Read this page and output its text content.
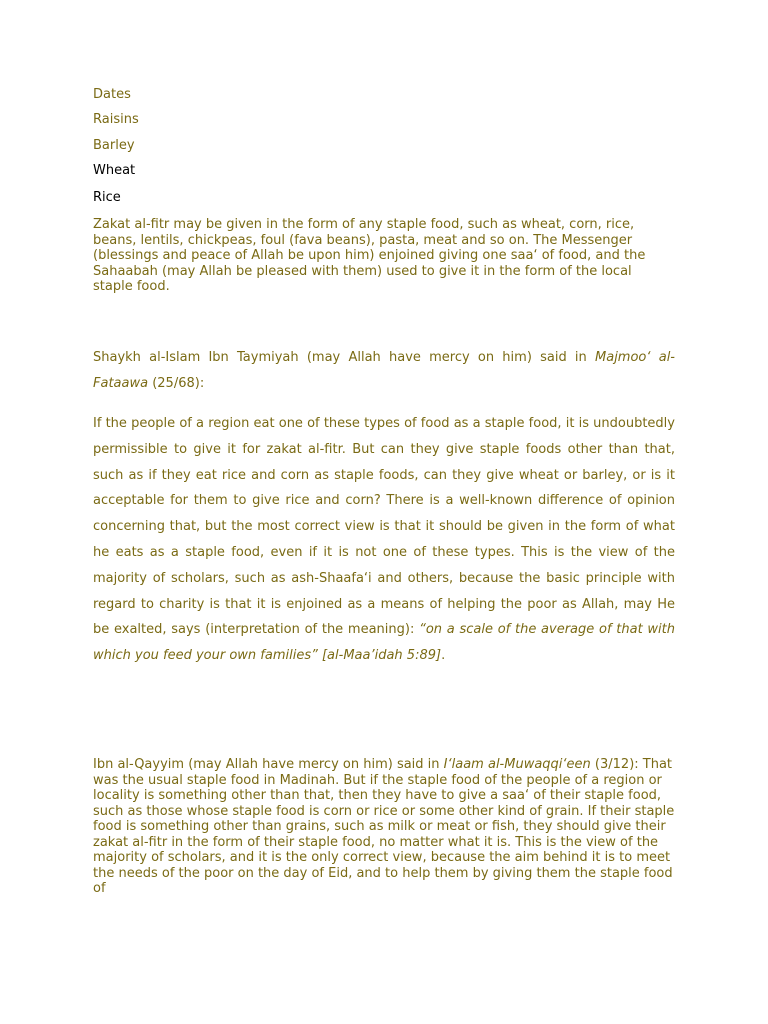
Dates
Raisins
Barley
Wheat
Rice

Zakat al-fitr may be given in the form of any staple food, such as wheat, corn, rice, beans, lentils, chickpeas, foul (fava beans), pasta, meat and so on. The Messenger (blessings and peace of Allah be upon him) enjoined giving one saa‘ of food, and the Sahaabah (may Allah be pleased with them) used to give it in the form of the local staple food.

Shaykh al-Islam Ibn Taymiyah (may Allah have mercy on him) said in Majmoo‘ al-Fataawa (25/68):

If the people of a region eat one of these types of food as a staple food, it is undoubtedly permissible to give it for zakat al-fitr. But can they give staple foods other than that, such as if they eat rice and corn as staple foods, can they give wheat or barley, or is it acceptable for them to give rice and corn? There is a well-known difference of opinion concerning that, but the most correct view is that it should be given in the form of what he eats as a staple food, even if it is not one of these types. This is the view of the majority of scholars, such as ash-Shaafa‘i and others, because the basic principle with regard to charity is that it is enjoined as a means of helping the poor as Allah, may He be exalted, says (interpretation of the meaning): “on a scale of the average of that with which you feed your own families” [al-Maa’idah 5:89].

Ibn al-Qayyim (may Allah have mercy on him) said in I‘laam al-Muwaqqi‘een (3/12): That was the usual staple food in Madinah. But if the staple food of the people of a region or locality is something other than that, then they have to give a saa‘ of their staple food, such as those whose staple food is corn or rice or some other kind of grain. If their staple food is something other than grains, such as milk or meat or fish, they should give their zakat al-fitr in the form of their staple food, no matter what it is. This is the view of the majority of scholars, and it is the only correct view, because the aim behind it is to meet the needs of the poor on the day of Eid, and to help them by giving them the staple food of
